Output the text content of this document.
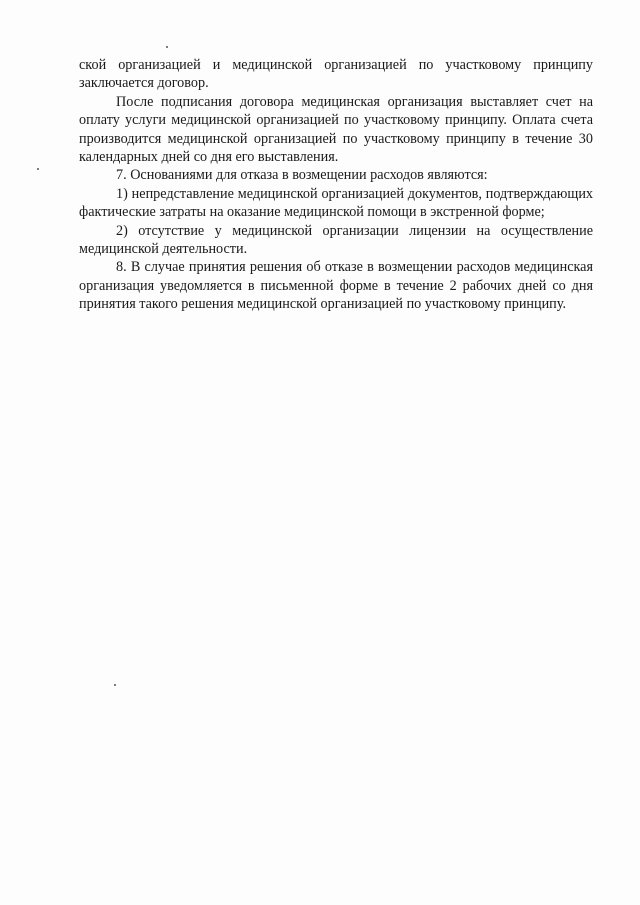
ской организацией и медицинской организацией по участковому принципу заключается договор.

После подписания договора медицинская организация выставляет счет на оплату услуги медицинской организацией по участковому принципу. Оплата счета производится медицинской организацией по участковому принципу в течение 30 календарных дней со дня его выставления.

7. Основаниями для отказа в возмещении расходов являются:

1) непредставление медицинской организацией документов, подтверждающих фактические затраты на оказание медицинской помощи в экстренной форме;

2) отсутствие у медицинской организации лицензии на осуществление медицинской деятельности.

8. В случае принятия решения об отказе в возмещении расходов медицинская организация уведомляется в письменной форме в течение 2 рабочих дней со дня принятия такого решения медицинской организацией по участковому принципу.
